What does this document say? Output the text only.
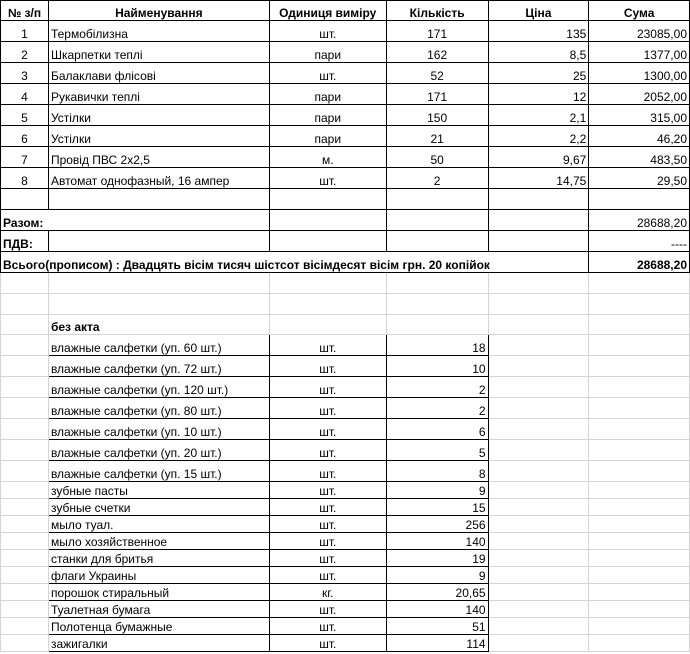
№ з/п	Найменування	Одиниця виміру	Кількість	Ціна	Сума
1	Термобілизна	шт.	171	135	23085,00
2	Шкарпетки теплі	пари	162	8,5	1377,00
3	Балаклави флісові	шт.	52	25	1300,00
4	Рукавички теплі	пари	171	12	2052,00
5	Устілки	пари	150	2,1	315,00
6	Устілки	пари	21	2,2	46,20
7	Провід ПВС 2х2,5	м.	50	9,67	483,50
8	Автомат однофазный, 16 ампер	шт.	2	14,75	29,50

Разом:					28688,20
ПДВ:					----
Всього(прописом) : Двадцять вісім тисяч шістсот вісімдесят вісім грн. 20 копійок					28688,20

	без акта				
	влажные салфетки (уп. 60 шт.)	шт.	18		
	влажные салфетки (уп. 72 шт.)	шт.	10		
	влажные салфетки (уп. 120 шт.)	шт.	2		
	влажные салфетки (уп. 80 шт.)	шт.	2		
	влажные салфетки (уп. 10 шт.)	шт.	6		
	влажные салфетки (уп. 20 шт.)	шт.	5		
	влажные салфетки (уп. 15 шт.)	шт.	8		
	зубные пасты	шт.	9		
	зубные счетки	шт.	15		
	мыло туал.	шт.	256		
	мыло хозяйственное	шт.	140		
	станки для бритья	шт.	19		
	флаги Украины	шт.	9		
	порошок стиральный	кг.	20,65		
	Туалетная бумага	шт.	140		
	Полотенца бумажные	шт.	51		
	зажигалки	шт.	114		
